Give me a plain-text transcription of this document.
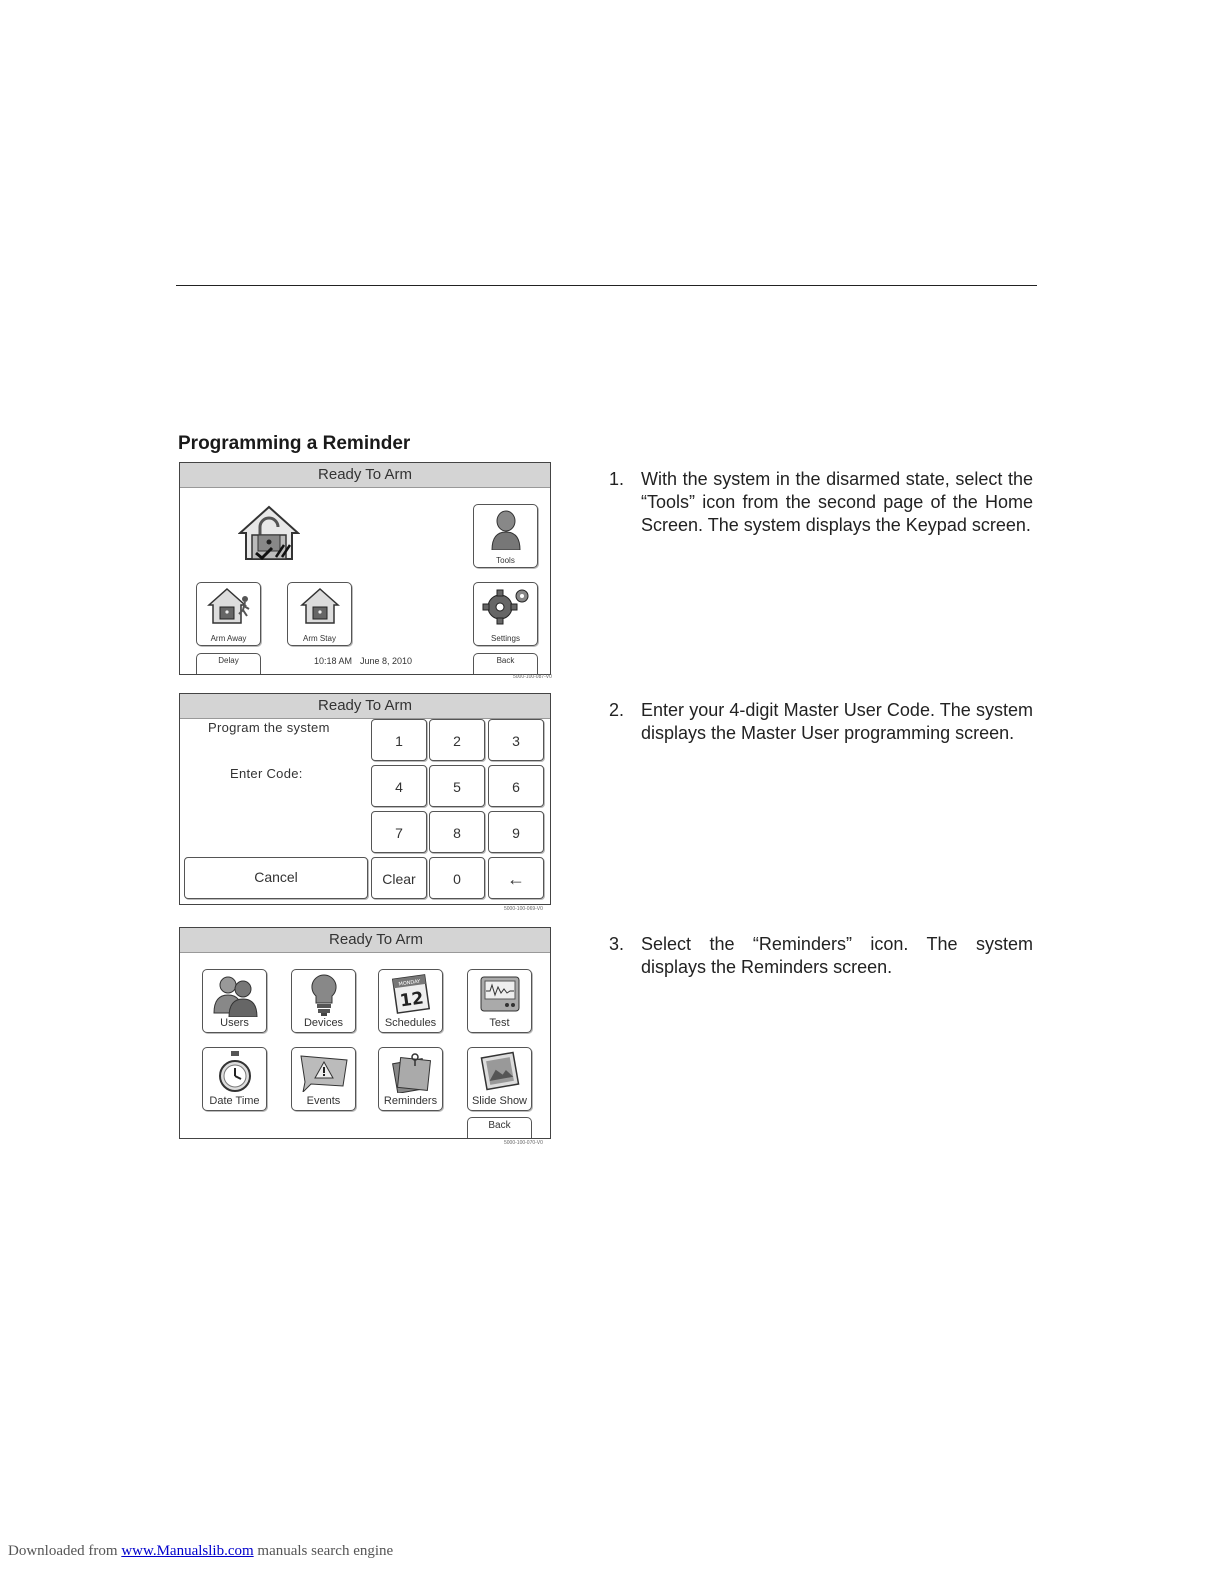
Programming a Reminder
Ready To Arm
Tools
Arm Away	Arm Stay	Settings
Delay	10:18 AM June 8, 2010	Back
5000-100-087-V0
Ready To Arm
Program the system
Enter Code:
1	2	3
4	5	6
7	8	9
Cancel	Clear	0	←
5000-100-069-V0
Ready To Arm
Users	Devices
MONDAY
12
Schedules	Test
Date Time	Events	Reminders	Slide Show
Back
5000-100-070-V0
1. With the system in the disarmed state, select the “Tools” icon from the second page of the Home Screen. The system displays the Keypad screen.
2. Enter your 4-digit Master User Code. The system displays the Master User programming screen.
3. Select the “Reminders” icon. The system displays the Reminders screen.
Downloaded from www.Manualslib.com manuals search engine
